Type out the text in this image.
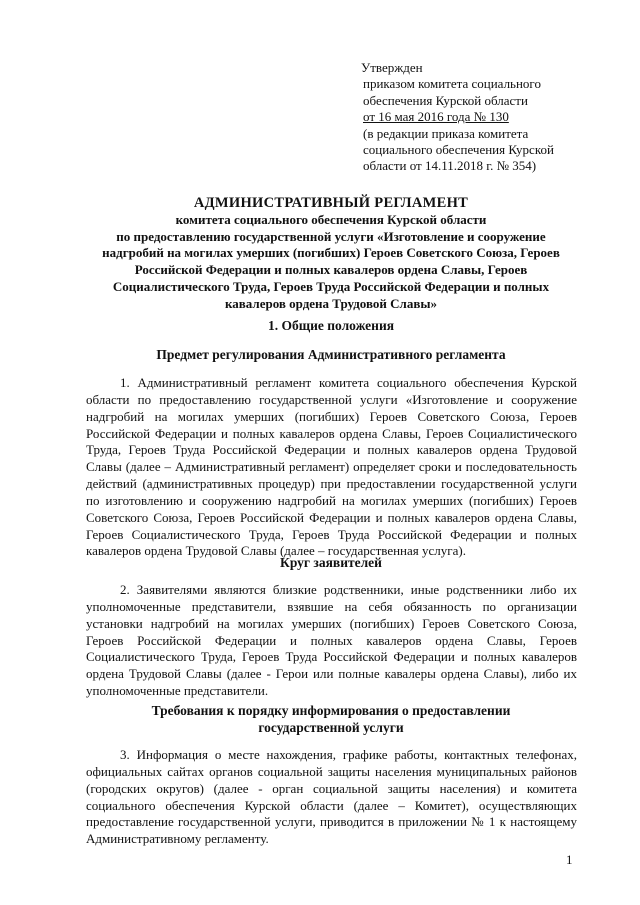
Утвержден
приказом комитета социального
обеспечения Курской области
от 16 мая 2016 года № 130
(в редакции приказа комитета
социального обеспечения Курской
области от 14.11.2018 г. № 354)
АДМИНИСТРАТИВНЫЙ РЕГЛАМЕНТ
комитета социального обеспечения Курской области
по предоставлению государственной услуги «Изготовление и сооружение
надгробий на могилах умерших (погибших) Героев Советского Союза, Героев
Российской Федерации и полных кавалеров ордена Славы, Героев
Социалистического Труда, Героев Труда Российской Федерации и полных
кавалеров ордена Трудовой Славы»
1. Общие положения
Предмет регулирования Административного регламента
1. Административный регламент комитета социального обеспечения Курской
области по предоставлению государственной услуги «Изготовление и сооружение
надгробий на могилах умерших (погибших) Героев Советского Союза, Героев
Российской Федерации и полных кавалеров ордена Славы, Героев Социалистического
Труда, Героев Труда Российской Федерации и полных кавалеров ордена Трудовой
Славы (далее – Административный регламент) определяет сроки и последовательность
действий (административных процедур) при предоставлении государственной услуги
по изготовлению и сооружению надгробий на могилах умерших (погибших) Героев
Советского Союза, Героев Российской Федерации и полных кавалеров ордена Славы,
Героев Социалистического Труда, Героев Труда Российской Федерации и полных
кавалеров ордена Трудовой Славы (далее – государственная услуга).
Круг заявителей
2. Заявителями являются близкие родственники, иные родственники либо их
уполномоченные представители, взявшие на себя обязанность по организации
установки надгробий на могилах умерших (погибших) Героев Советского Союза,
Героев Российской Федерации и полных кавалеров ордена Славы, Героев
Социалистического Труда, Героев Труда Российской Федерации и полных кавалеров
ордена Трудовой Славы (далее - Герои или полные кавалеры ордена Славы), либо их
уполномоченные представители.
Требования к порядку информирования о предоставлении
государственной услуги
3. Информация о месте нахождения, графике работы, контактных телефонах,
официальных сайтах органов социальной защиты населения муниципальных районов
(городских округов) (далее - орган социальной защиты населения) и комитета
социального обеспечения Курской области (далее – Комитет), осуществляющих
предоставление государственной услуги, приводится в приложении № 1 к настоящему
Административному регламенту.
1
